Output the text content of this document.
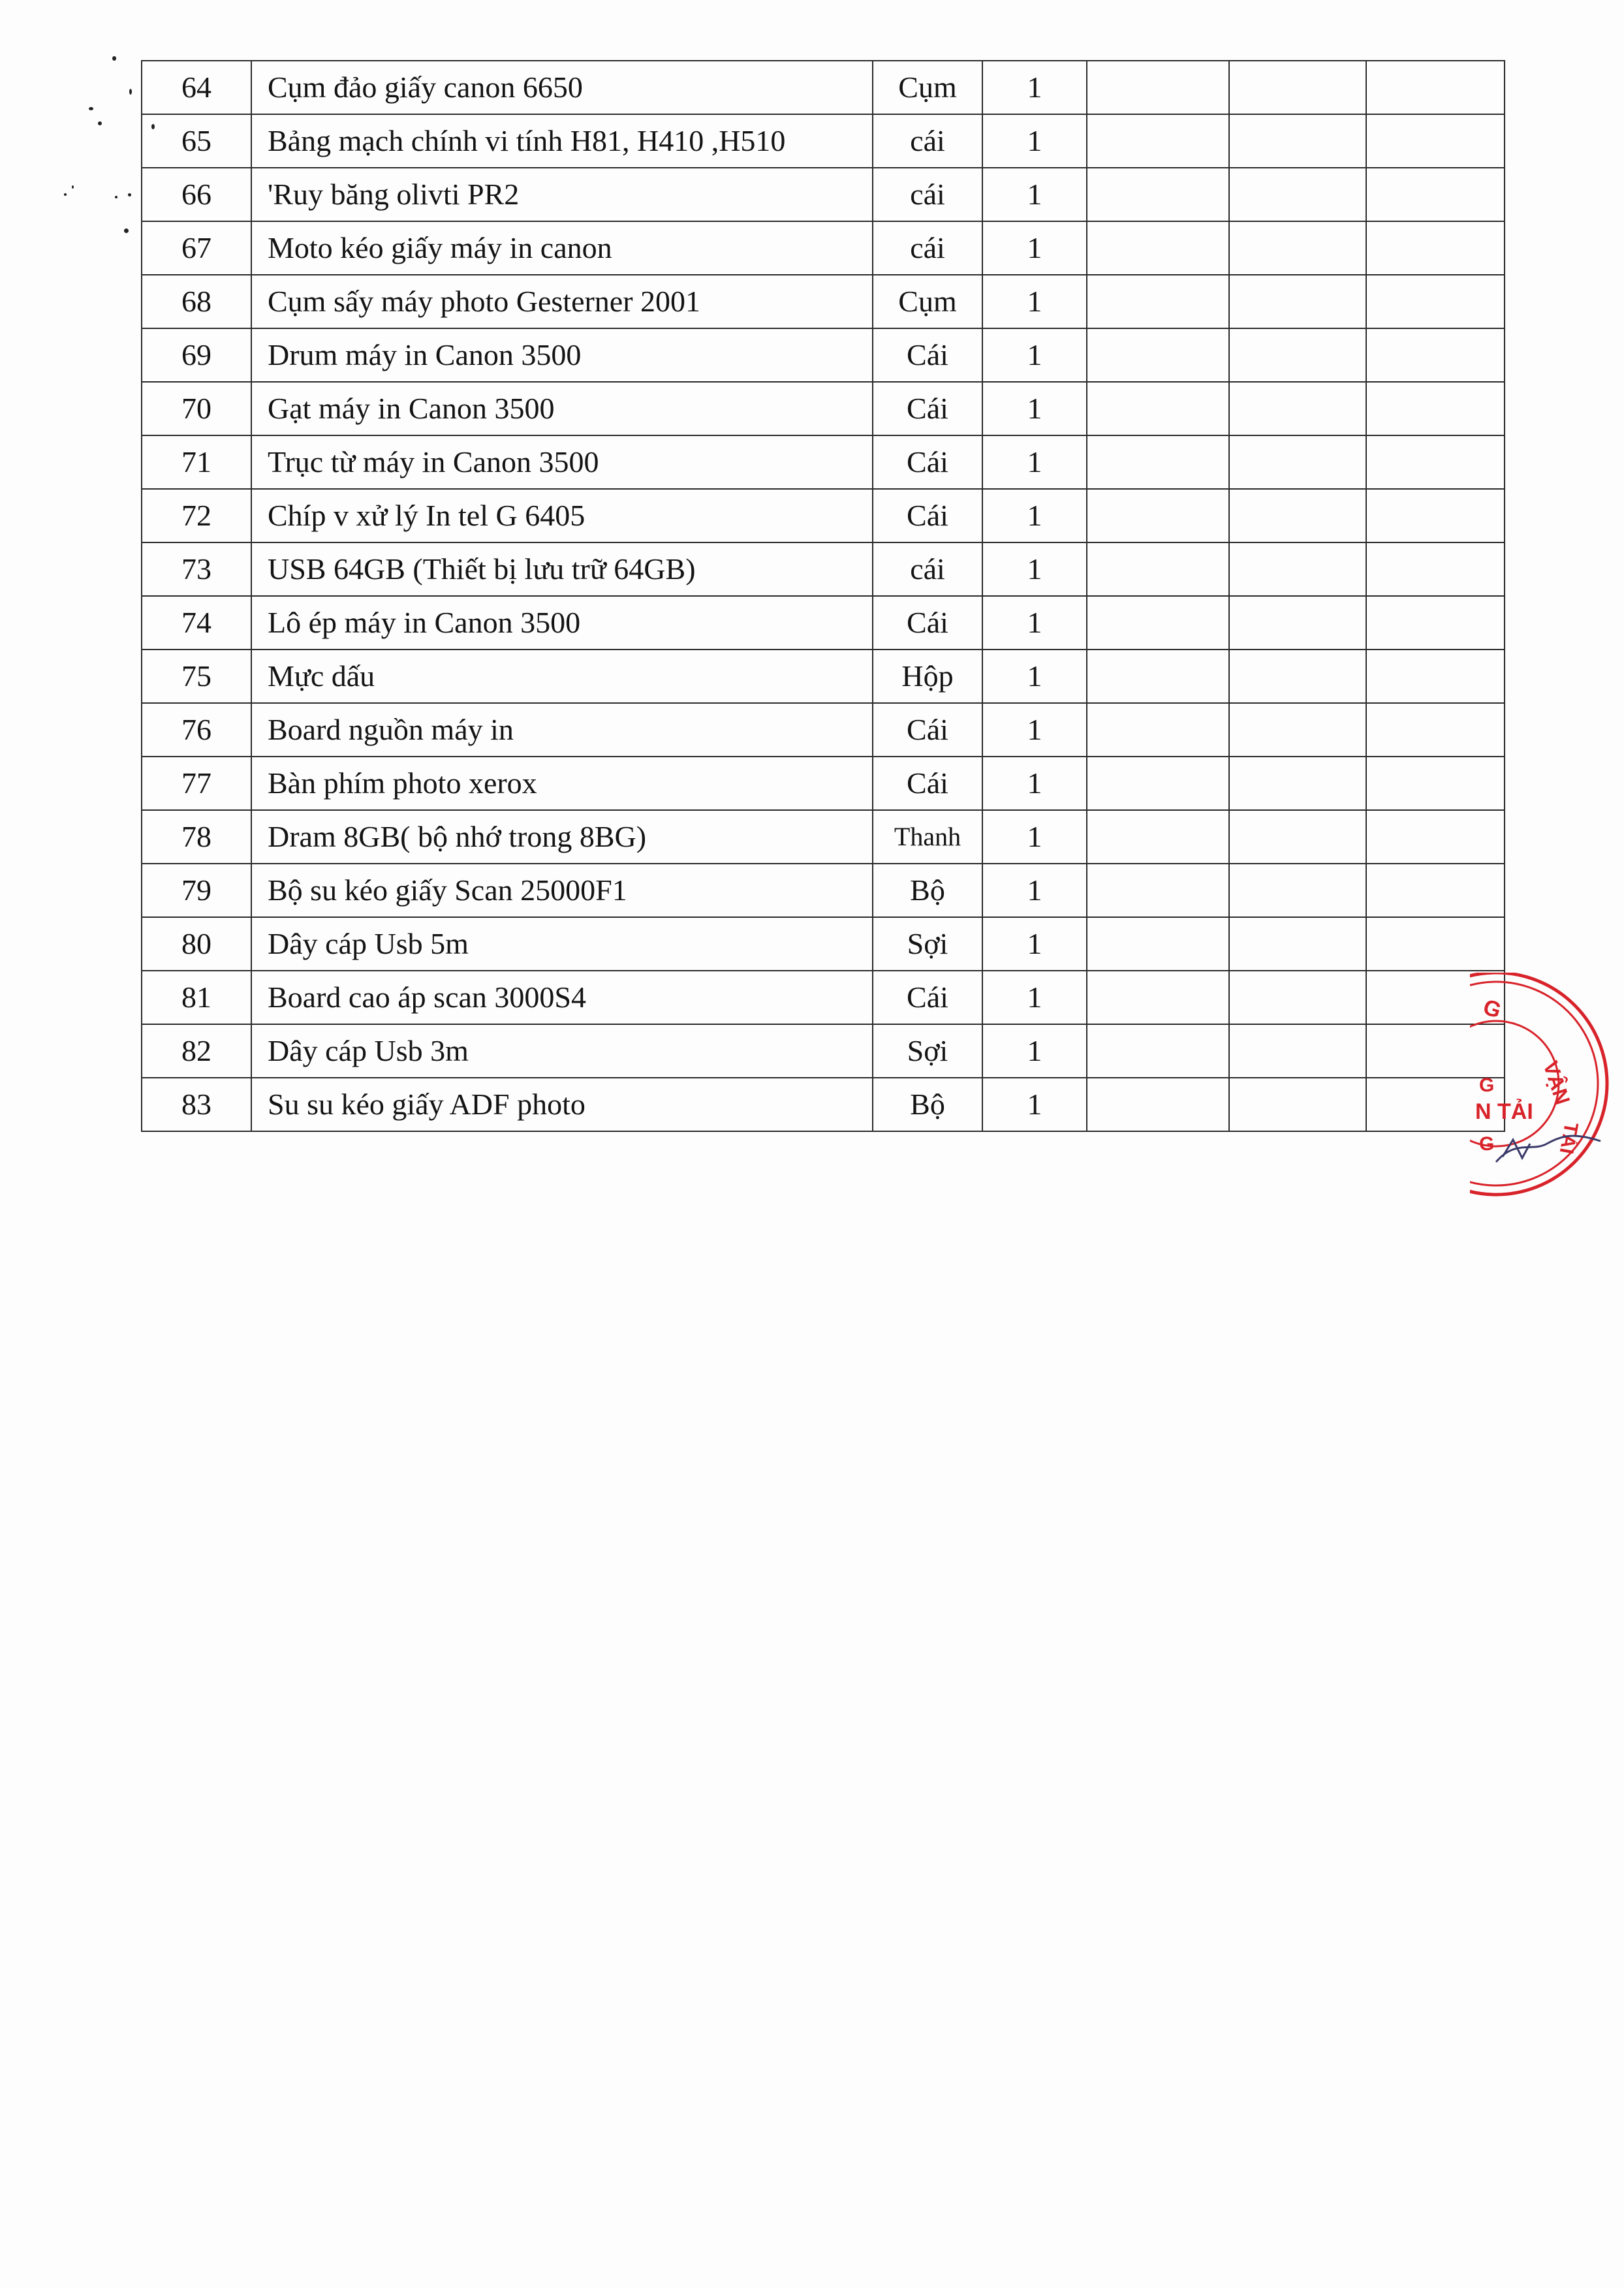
64	Cụm đảo giấy canon 6650	Cụm	1			
65	Bảng mạch chính vi tính H81, H410 ,H510	cái	1			
66	'Ruy băng olivti PR2	cái	1			
67	Moto kéo giấy máy in canon	cái	1			
68	Cụm sấy máy photo Gesterner 2001	Cụm	1			
69	Drum máy in Canon 3500	Cái	1			
70	Gạt máy in Canon 3500	Cái	1			
71	Trục từ máy in Canon 3500	Cái	1			
72	Chíp v xử lý In tel G 6405	Cái	1			
73	USB 64GB (Thiết bị lưu trữ 64GB)	cái	1			
74	Lô ép máy in Canon 3500	Cái	1			
75	Mực dấu	Hộp	1			
76	Board nguồn máy in	Cái	1			
77	Bàn phím photo xerox	Cái	1			
78	Dram 8GB( bộ nhớ trong 8BG)	Thanh	1			
79	Bộ su kéo giấy Scan 25000F1	Bộ	1			
80	Dây cáp Usb 5m	Sợi	1			
81	Board cao áp scan 3000S4	Cái	1			
82	Dây cáp Usb 3m	Sợi	1			
83	Su su kéo giấy ADF photo	Bộ	1			
G
VẬN
G
N TẢI
G	TẢI
